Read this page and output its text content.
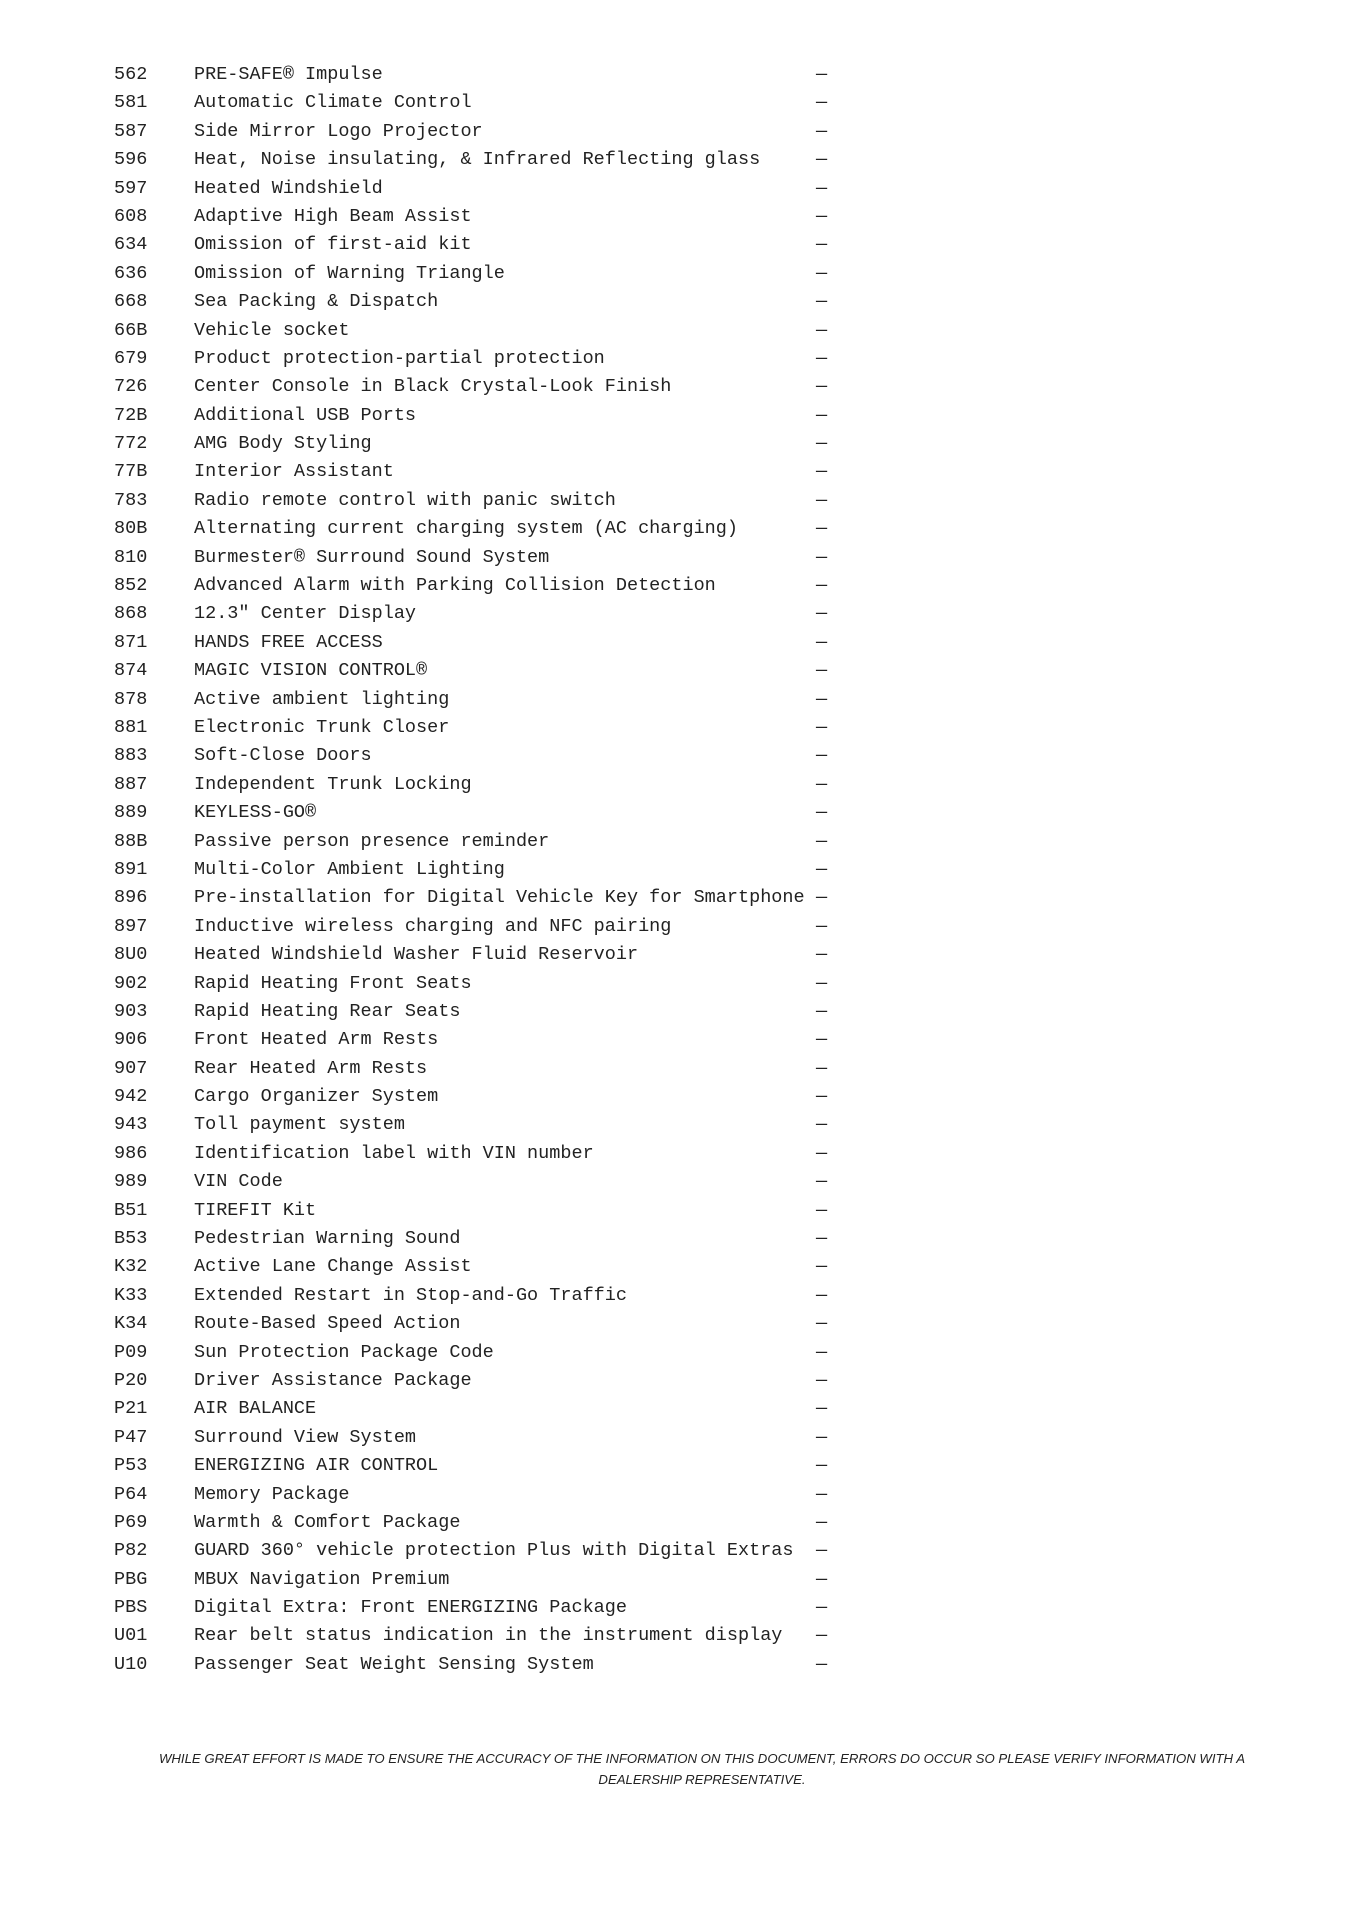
562	PRE-SAFE® Impulse	—
581	Automatic Climate Control	—
587	Side Mirror Logo Projector	—
596	Heat, Noise insulating, & Infrared Reflecting glass	—
597	Heated Windshield	—
608	Adaptive High Beam Assist	—
634	Omission of first-aid kit	—
636	Omission of Warning Triangle	—
668	Sea Packing & Dispatch	—
66B	Vehicle socket	—
679	Product protection-partial protection	—
726	Center Console in Black Crystal-Look Finish	—
72B	Additional USB Ports	—
772	AMG Body Styling	—
77B	Interior Assistant	—
783	Radio remote control with panic switch	—
80B	Alternating current charging system (AC charging)	—
810	Burmester® Surround Sound System	—
852	Advanced Alarm with Parking Collision Detection	—
868	12.3" Center Display	—
871	HANDS FREE ACCESS	—
874	MAGIC VISION CONTROL®	—
878	Active ambient lighting	—
881	Electronic Trunk Closer	—
883	Soft-Close Doors	—
887	Independent Trunk Locking	—
889	KEYLESS-GO®	—
88B	Passive person presence reminder	—
891	Multi-Color Ambient Lighting	—
896	Pre-installation for Digital Vehicle Key for Smartphone —
897	Inductive wireless charging and NFC pairing	—
8U0	Heated Windshield Washer Fluid Reservoir	—
902	Rapid Heating Front Seats	—
903	Rapid Heating Rear Seats	—
906	Front Heated Arm Rests	—
907	Rear Heated Arm Rests	—
942	Cargo Organizer System	—
943	Toll payment system	—
986	Identification label with VIN number	—
989	VIN Code	—
B51	TIREFIT Kit	—
B53	Pedestrian Warning Sound	—
K32	Active Lane Change Assist	—
K33	Extended Restart in Stop-and-Go Traffic	—
K34	Route-Based Speed Action	—
P09	Sun Protection Package Code	—
P20	Driver Assistance Package	—
P21	AIR BALANCE	—
P47	Surround View System	—
P53	ENERGIZING AIR CONTROL	—
P64	Memory Package	—
P69	Warmth & Comfort Package	—
P82	GUARD 360° vehicle protection Plus with Digital Extras —
PBG	MBUX Navigation Premium	—
PBS	Digital Extra: Front ENERGIZING Package	—
U01	Rear belt status indication in the instrument display —
U10	Passenger Seat Weight Sensing System	—

WHILE GREAT EFFORT IS MADE TO ENSURE THE ACCURACY OF THE INFORMATION ON THIS DOCUMENT, ERRORS DO OCCUR SO PLEASE VERIFY INFORMATION WITH A DEALERSHIP REPRESENTATIVE.
